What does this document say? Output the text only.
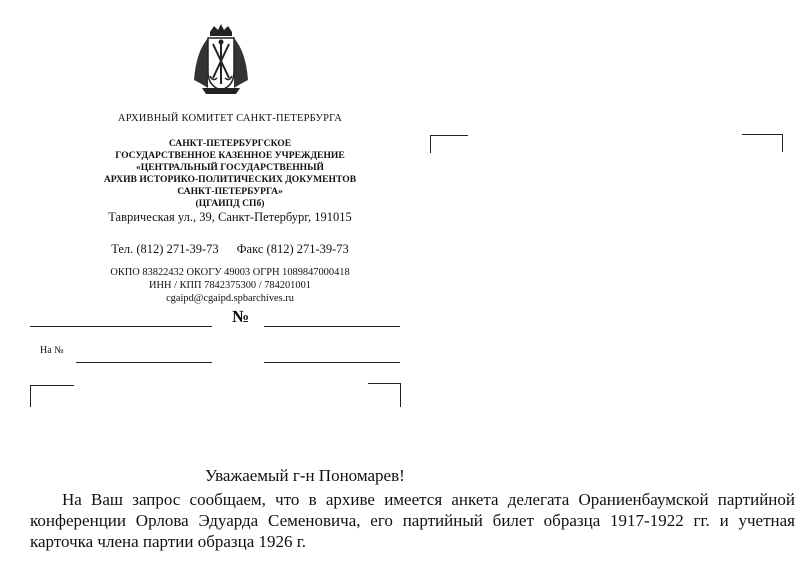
АРХИВНЫЙ КОМИТЕТ САНКТ-ПЕТЕРБУРГА
САНКТ-ПЕТЕРБУРГСКОЕ
ГОСУДАРСТВЕННОЕ КАЗЕННОЕ УЧРЕЖДЕНИЕ
«ЦЕНТРАЛЬНЫЙ ГОСУДАРСТВЕННЫЙ
АРХИВ ИСТОРИКО-ПОЛИТИЧЕСКИХ ДОКУМЕНТОВ
САНКТ-ПЕТЕРБУРГА»
(ЦГАИПД СПб)
Таврическая ул., 39, Санкт-Петербург, 191015
Тел. (812) 271-39-73 Факс (812) 271-39-73
ОКПО 83822432 ОКОГУ 49003 ОГРН 1089847000418
ИНН / КПП 7842375300 / 784201001
cgaipd@cgaipd.spbarchives.ru
№
На №
Уважаемый г-н Пономарев!
На Ваш запрос сообщаем, что в архиве имеется анкета делегата Ораниенбаумской партийной конференции Орлова Эдуарда Семеновича, его партийный билет образца 1917-1922 гг. и учетная карточка члена партии образца 1926 г.
